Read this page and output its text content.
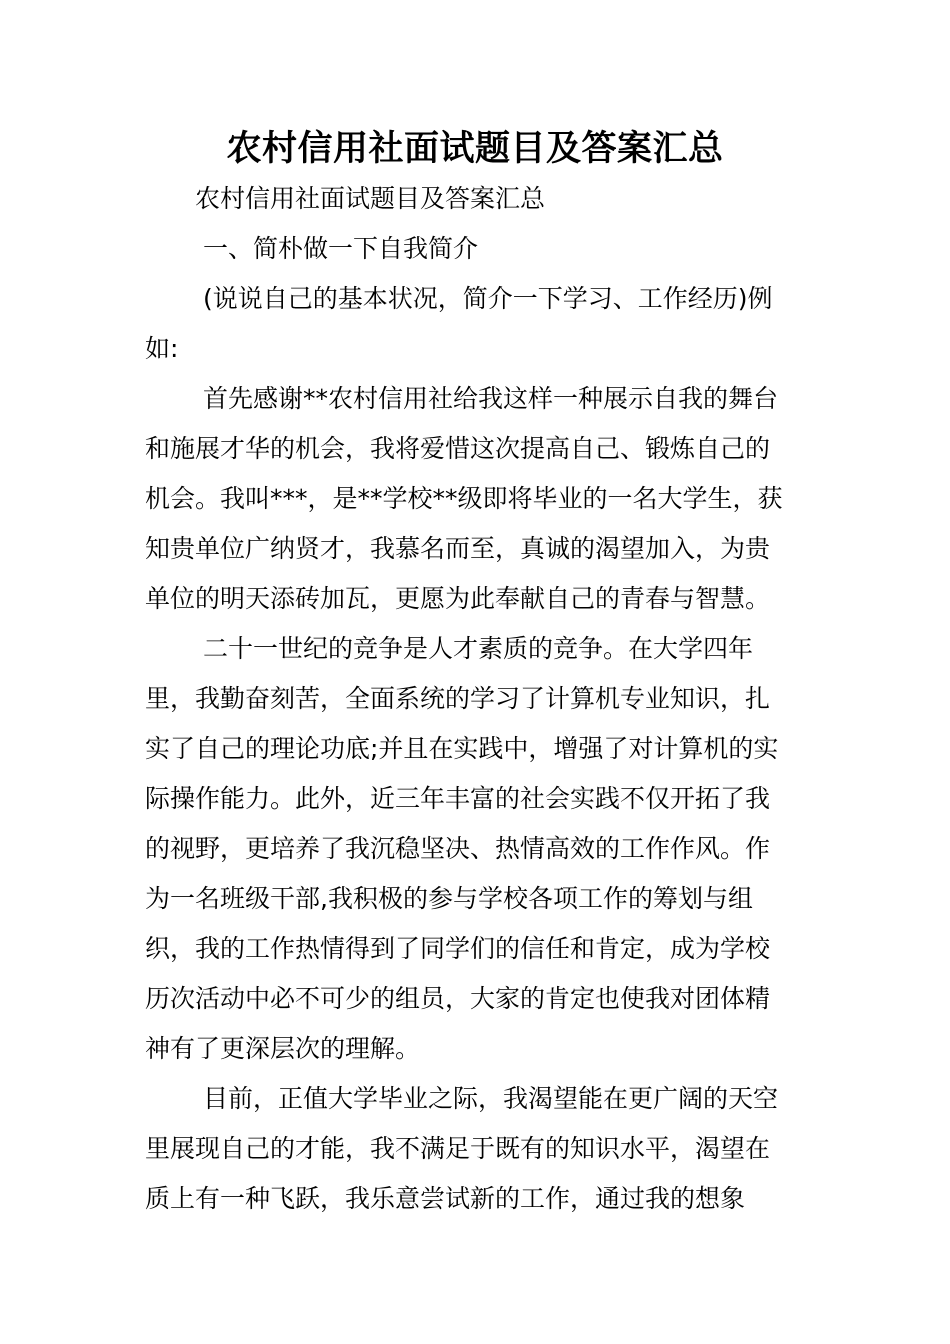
农村信用社面试题目及答案汇总
农村信用社面试题目及答案汇总
一、简朴做一下自我简介
(说说自己的基本状况，简介一下学习、工作经历)例
如:
首先感谢**农村信用社给我这样一种展示自我的舞台
和施展才华的机会，我将爱惜这次提高自己、锻炼自己的
机会。我叫***，是**学校**级即将毕业的一名大学生，获
知贵单位广纳贤才，我慕名而至，真诚的渴望加入，为贵
单位的明天添砖加瓦，更愿为此奉献自己的青春与智慧。
二十一世纪的竞争是人才素质的竞争。在大学四年
里，我勤奋刻苦，全面系统的学习了计算机专业知识，扎
实了自己的理论功底;并且在实践中，增强了对计算机的实
际操作能力。此外，近三年丰富的社会实践不仅开拓了我
的视野，更培养了我沉稳坚决、热情高效的工作作风。作
为一名班级干部,我积极的参与学校各项工作的筹划与组
织，我的工作热情得到了同学们的信任和肯定，成为学校
历次活动中必不可少的组员，大家的肯定也使我对团体精
神有了更深层次的理解。
目前，正值大学毕业之际，我渴望能在更广阔的天空
里展现自己的才能，我不满足于既有的知识水平，渴望在
质上有一种飞跃，我乐意尝试新的工作，通过我的想象
